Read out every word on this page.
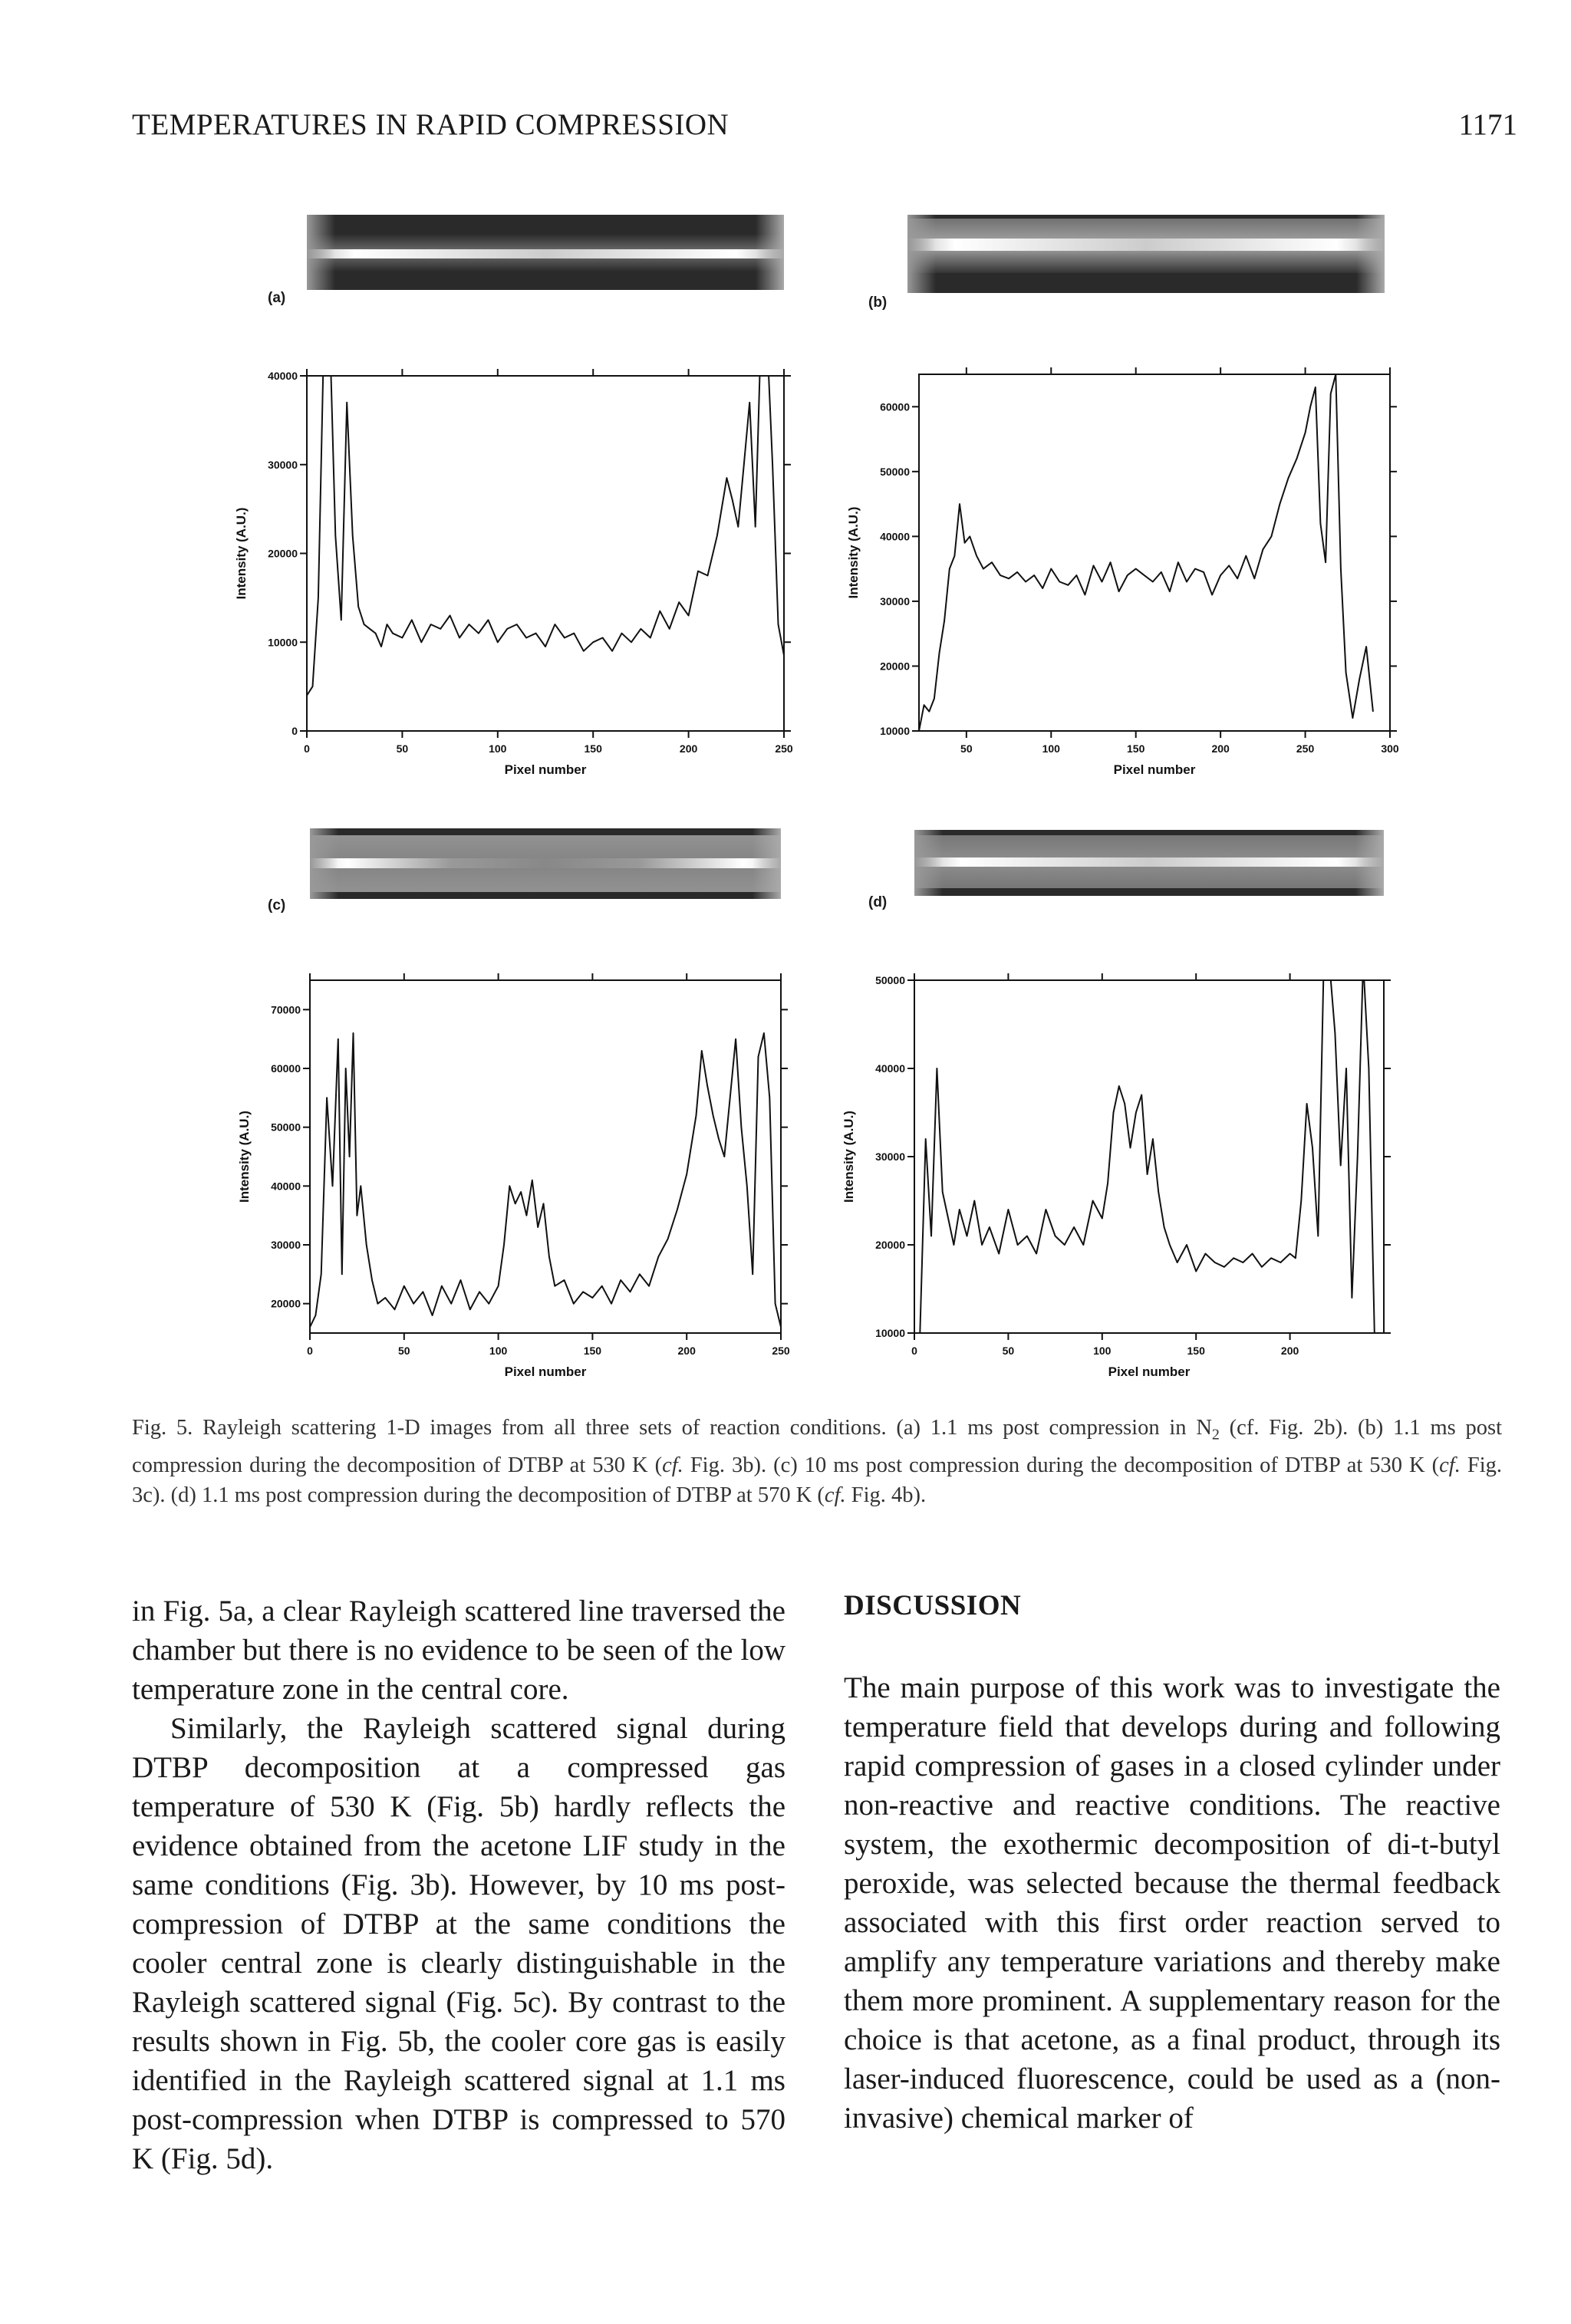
TEMPERATURES IN RAPID COMPRESSION	1171
(a)	(b)
(c)	(d)
0	50	100	150	200	250
0
10000
20000
30000
40000
Pixel number
Intensity (A.U.)
50	100	150	200	250	300
10000
20000
30000
40000
50000
60000
Pixel number
Intensity (A.U.)
0	50	100	150	200	250
20000
30000
40000
50000
60000
70000
Pixel number
Intensity (A.U.)
0	50	100	150	200
10000
20000
30000
40000
50000
Pixel number
Intensity (A.U.)
Fig. 5. Rayleigh scattering 1-D images from all three sets of reaction conditions. (a) 1.1 ms post compression in $N_2$ (cf. Fig. 2b). (b) 1.1 ms post compression during the decomposition of DTBP at 530 K (cf. Fig. 3b). (c) 10 ms post compression during the decomposition of DTBP at 530 K (cf. Fig. 3c). (d) 1.1 ms post compression during the decomposition of DTBP at 570 K (cf. Fig. 4b).

in Fig. 5a, a clear Rayleigh scattered line traversed the chamber but there is no evidence to be seen of the low temperature zone in the central core.

Similarly, the Rayleigh scattered signal during DTBP decomposition at a compressed gas temperature of 530 K (Fig. 5b) hardly reflects the evidence obtained from the acetone LIF study in the same conditions (Fig. 3b). However, by 10 ms post-compression of DTBP at the same conditions the cooler central zone is clearly distinguishable in the Rayleigh scattered signal (Fig. 5c). By contrast to the results shown in Fig. 5b, the cooler core gas is easily identified in the Rayleigh scattered signal at 1.1 ms post-compression when DTBP is compressed to 570 K (Fig. 5d).

DISCUSSION

The main purpose of this work was to investigate the temperature field that develops during and following rapid compression of gases in a closed cylinder under non-reactive and reactive conditions. The reactive system, the exothermic decomposition of di-t-butyl peroxide, was selected because the thermal feedback associated with this first order reaction served to amplify any temperature variations and thereby make them more prominent. A supplementary reason for the choice is that acetone, as a final product, through its laser-induced fluorescence, could be used as a (non-invasive) chemical marker of
